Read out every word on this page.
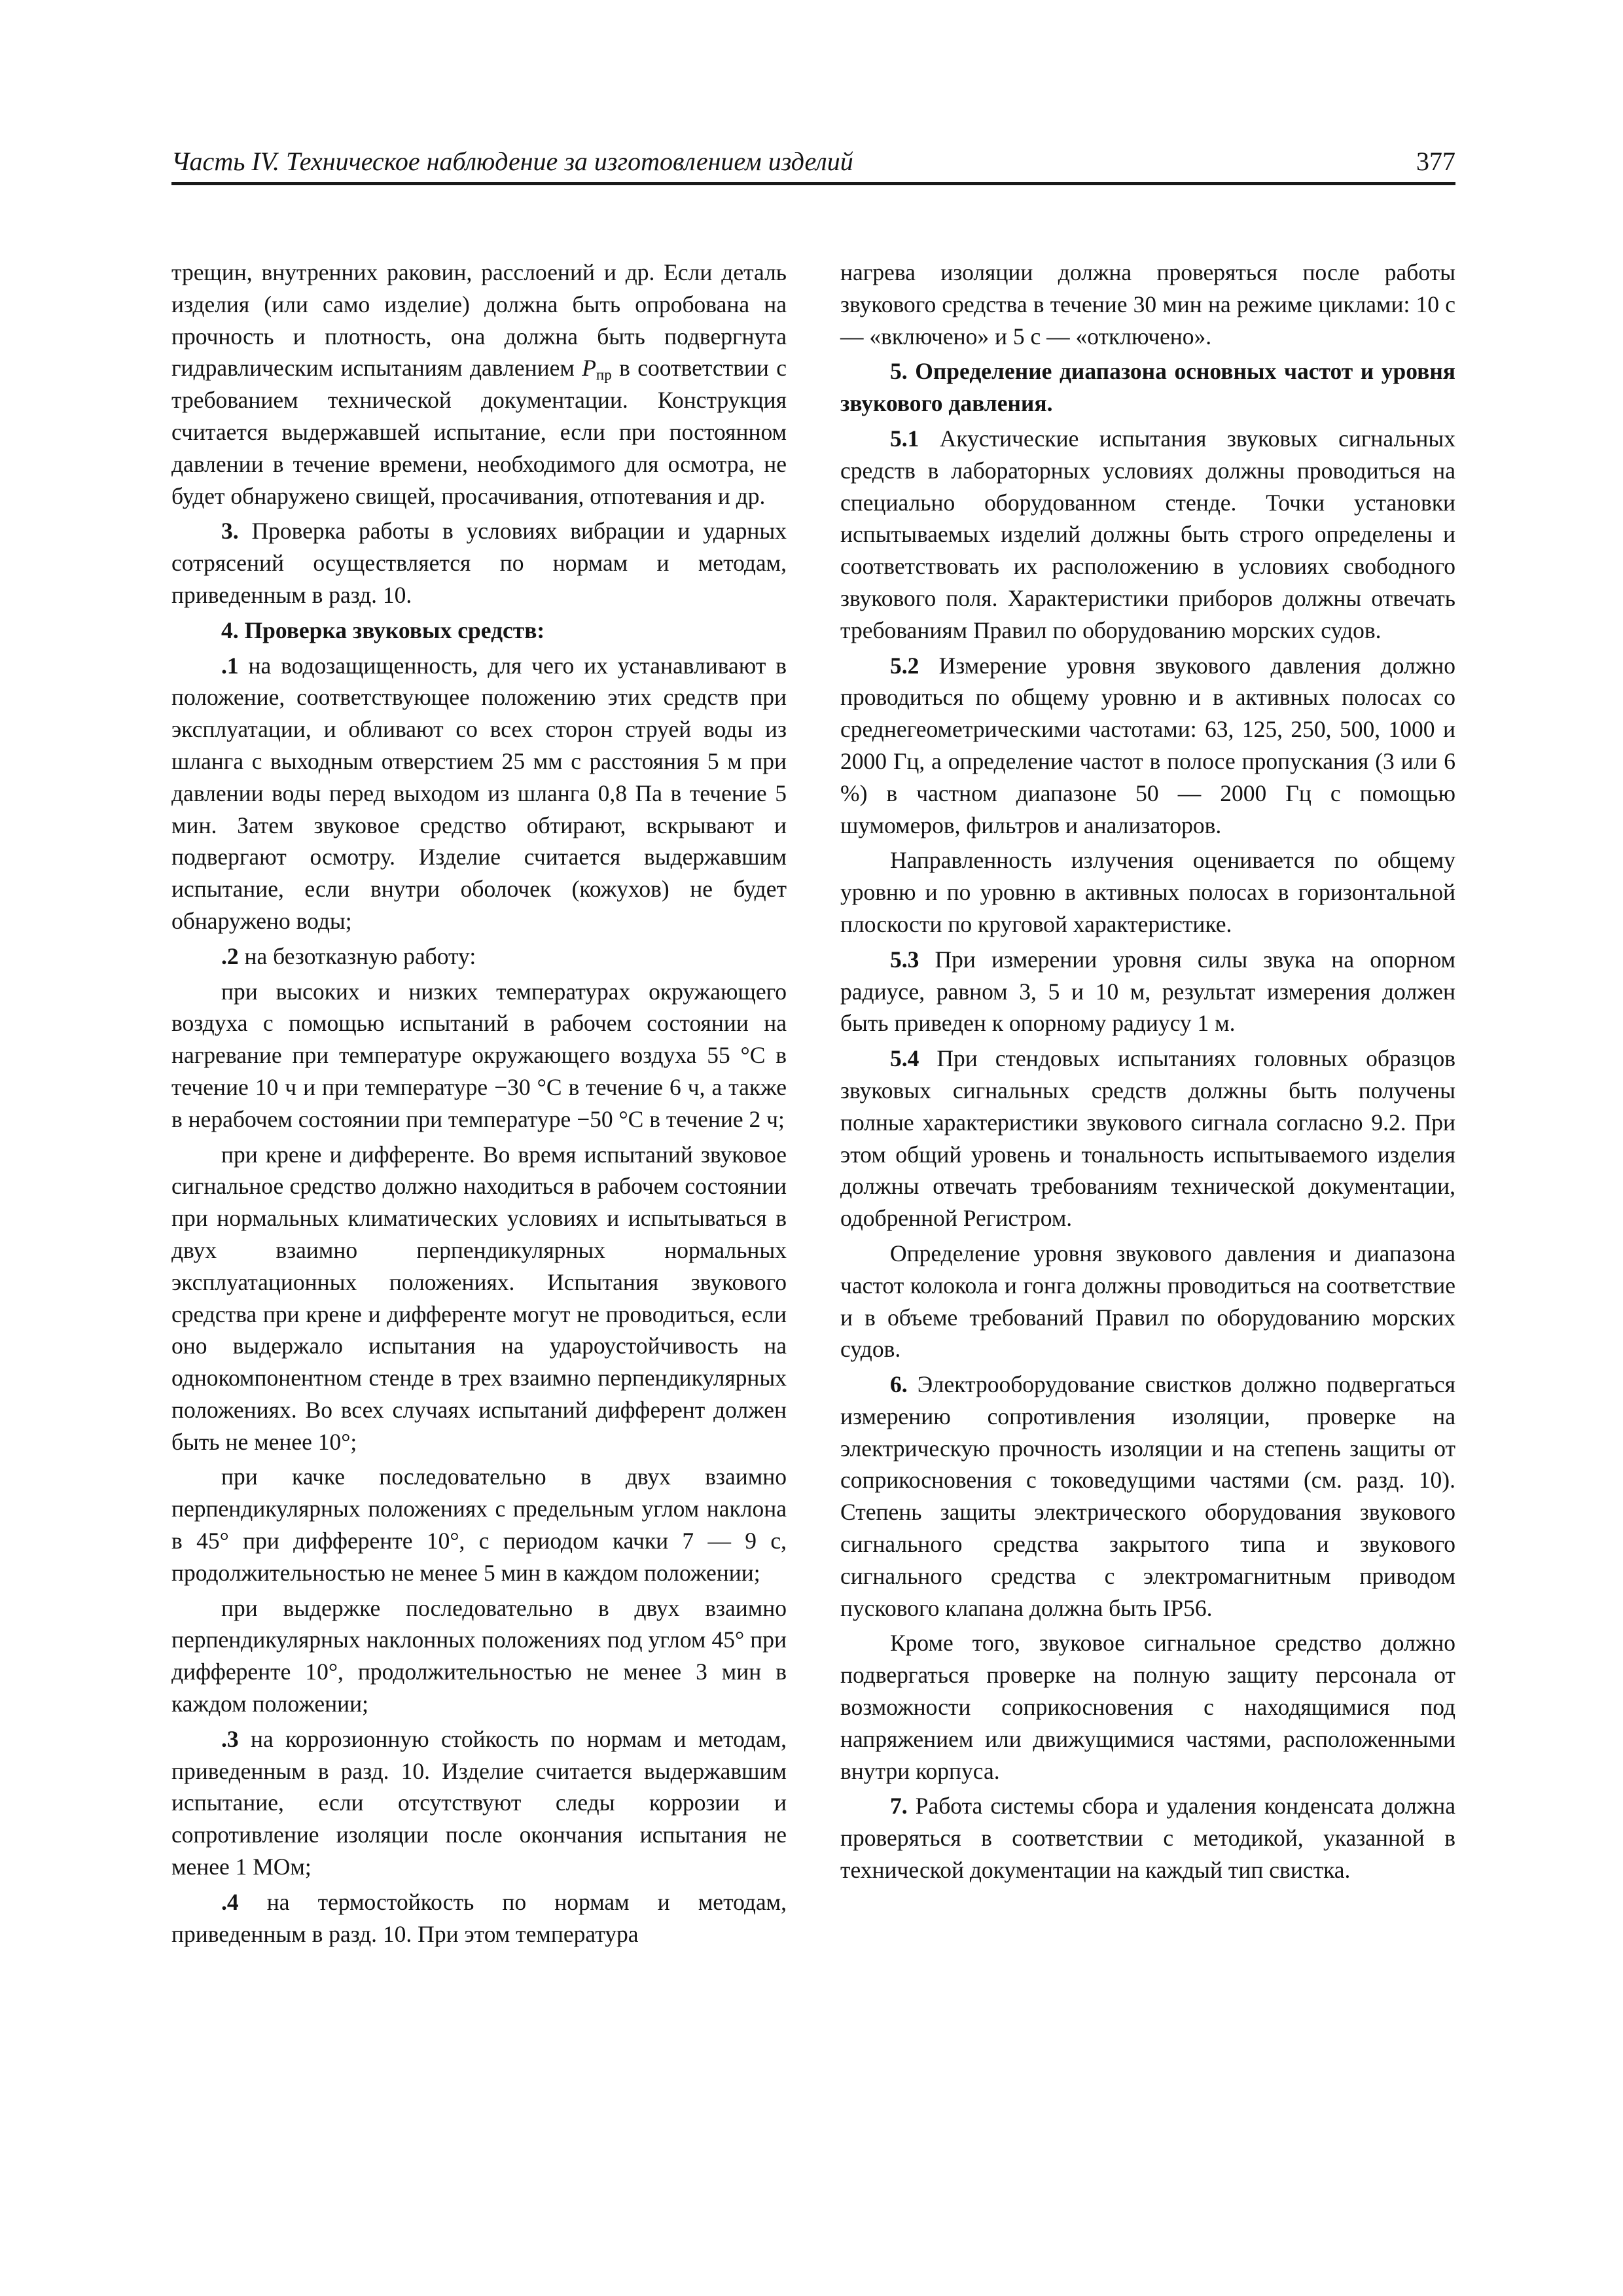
Часть IV. Техническое наблюдение за изготовлением изделий	377

трещин, внутренних раковин, расслоений и др. Если деталь изделия (или само изделие) должна быть опробована на прочность и плотность, она должна быть подвергнута гидравлическим испытаниям давлением $P_{пр}$ в соответствии с требованием технической документации. Конструкция считается выдержавшей испытание, если при постоянном давлении в течение времени, необходимого для осмотра, не будет обнаружено свищей, просачивания, отпотевания и др.

3. Проверка работы в условиях вибрации и ударных сотрясений осуществляется по нормам и методам, приведенным в разд. 10.

4. Проверка звуковых средств:

.1 на водозащищенность, для чего их устанавливают в положение, соответствующее положению этих средств при эксплуатации, и обливают со всех сторон струей воды из шланга с выходным отверстием 25 мм с расстояния 5 м при давлении воды перед выходом из шланга 0,8 Па в течение 5 мин. Затем звуковое средство обтирают, вскрывают и подвергают осмотру. Изделие считается выдержавшим испытание, если внутри оболочек (кожухов) не будет обнаружено воды;

.2 на безотказную работу:

при высоких и низких температурах окружающего воздуха с помощью испытаний в рабочем состоянии на нагревание при температуре окружающего воздуха 55 °С в течение 10 ч и при температуре −30 °С в течение 6 ч, а также в нерабочем состоянии при температуре −50 °С в течение 2 ч;

при крене и дифференте. Во время испытаний звуковое сигнальное средство должно находиться в рабочем состоянии при нормальных климатических условиях и испытываться в двух взаимно перпендикулярных нормальных эксплуатационных положениях. Испытания звукового средства при крене и дифференте могут не проводиться, если оно выдержало испытания на удароустойчивость на однокомпонентном стенде в трех взаимно перпендикулярных положениях. Во всех случаях испытаний дифферент должен быть не менее 10°;

при качке последовательно в двух взаимно перпендикулярных положениях с предельным углом наклона в 45° при дифференте 10°, с периодом качки 7 — 9 с, продолжительностью не менее 5 мин в каждом положении;

при выдержке последовательно в двух взаимно перпендикулярных наклонных положениях под углом 45° при дифференте 10°, продолжительностью не менее 3 мин в каждом положении;

.3 на коррозионную стойкость по нормам и методам, приведенным в разд. 10. Изделие считается выдержавшим испытание, если отсутствуют следы коррозии и сопротивление изоляции после окончания испытания не менее 1 МОм;

.4 на термостойкость по нормам и методам, приведенным в разд. 10. При этом температура

нагрева изоляции должна проверяться после работы звукового средства в течение 30 мин на режиме циклами: 10 с — «включено» и 5 с — «отключено».

5. Определение диапазона основных частот и уровня звукового давления.

5.1 Акустические испытания звуковых сигнальных средств в лабораторных условиях должны проводиться на специально оборудованном стенде. Точки установки испытываемых изделий должны быть строго определены и соответствовать их расположению в условиях свободного звукового поля. Характеристики приборов должны отвечать требованиям Правил по оборудованию морских судов.

5.2 Измерение уровня звукового давления должно проводиться по общему уровню и в активных полосах со среднегеометрическими частотами: 63, 125, 250, 500, 1000 и 2000 Гц, а определение частот в полосе пропускания (3 или 6 %) в частном диапазоне 50 — 2000 Гц с помощью шумомеров, фильтров и анализаторов.

Направленность излучения оценивается по общему уровню и по уровню в активных полосах в горизонтальной плоскости по круговой характеристике.

5.3 При измерении уровня силы звука на опорном радиусе, равном 3, 5 и 10 м, результат измерения должен быть приведен к опорному радиусу 1 м.

5.4 При стендовых испытаниях головных образцов звуковых сигнальных средств должны быть получены полные характеристики звукового сигнала согласно 9.2. При этом общий уровень и тональность испытываемого изделия должны отвечать требованиям технической документации, одобренной Регистром.

Определение уровня звукового давления и диапазона частот колокола и гонга должны проводиться на соответствие и в объеме требований Правил по оборудованию морских судов.

6. Электрооборудование свистков должно подвергаться измерению сопротивления изоляции, проверке на электрическую прочность изоляции и на степень защиты от соприкосновения с токоведущими частями (см. разд. 10). Степень защиты электрического оборудования звукового сигнального средства закрытого типа и звукового сигнального средства с электромагнитным приводом пускового клапана должна быть IP56.

Кроме того, звуковое сигнальное средство должно подвергаться проверке на полную защиту персонала от возможности соприкосновения с находящимися под напряжением или движущимися частями, расположенными внутри корпуса.

7. Работа системы сбора и удаления конденсата должна проверяться в соответствии с методикой, указанной в технической документации на каждый тип свистка.
